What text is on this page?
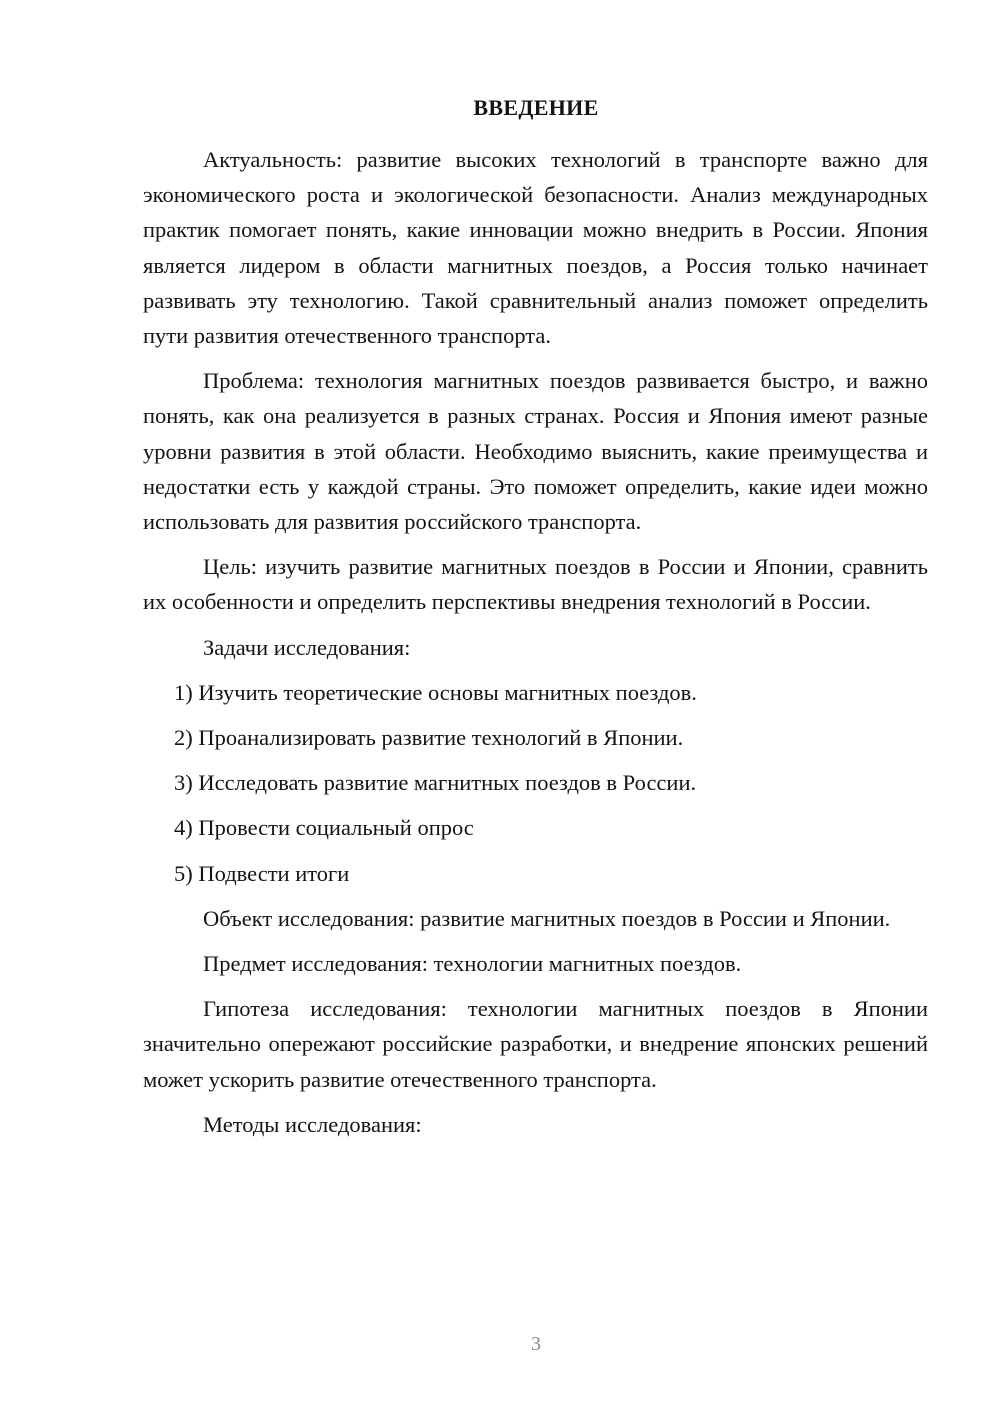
ВВЕДЕНИЕ

Актуальность: развитие высоких технологий в транспорте важно для экономического роста и экологической безопасности. Анализ международных практик помогает понять, какие инновации можно внедрить в России. Япония является лидером в области магнитных поездов, а Россия только начинает развивать эту технологию. Такой сравнительный анализ поможет определить пути развития отечественного транспорта.

Проблема: технология магнитных поездов развивается быстро, и важно понять, как она реализуется в разных странах. Россия и Япония имеют разные уровни развития в этой области. Необходимо выяснить, какие преимущества и недостатки есть у каждой страны. Это поможет определить, какие идеи можно использовать для развития российского транспорта.

Цель: изучить развитие магнитных поездов в России и Японии, сравнить их особенности и определить перспективы внедрения технологий в России.

Задачи исследования:

1) Изучить теоретические основы магнитных поездов.
2) Проанализировать развитие технологий в Японии.
3) Исследовать развитие магнитных поездов в России.
4) Провести социальный опрос
5) Подвести итоги

Объект исследования: развитие магнитных поездов в России и Японии.

Предмет исследования: технологии магнитных поездов.

Гипотеза исследования: технологии магнитных поездов в Японии значительно опережают российские разработки, и внедрение японских решений может ускорить развитие отечественного транспорта.

Методы исследования:

3
